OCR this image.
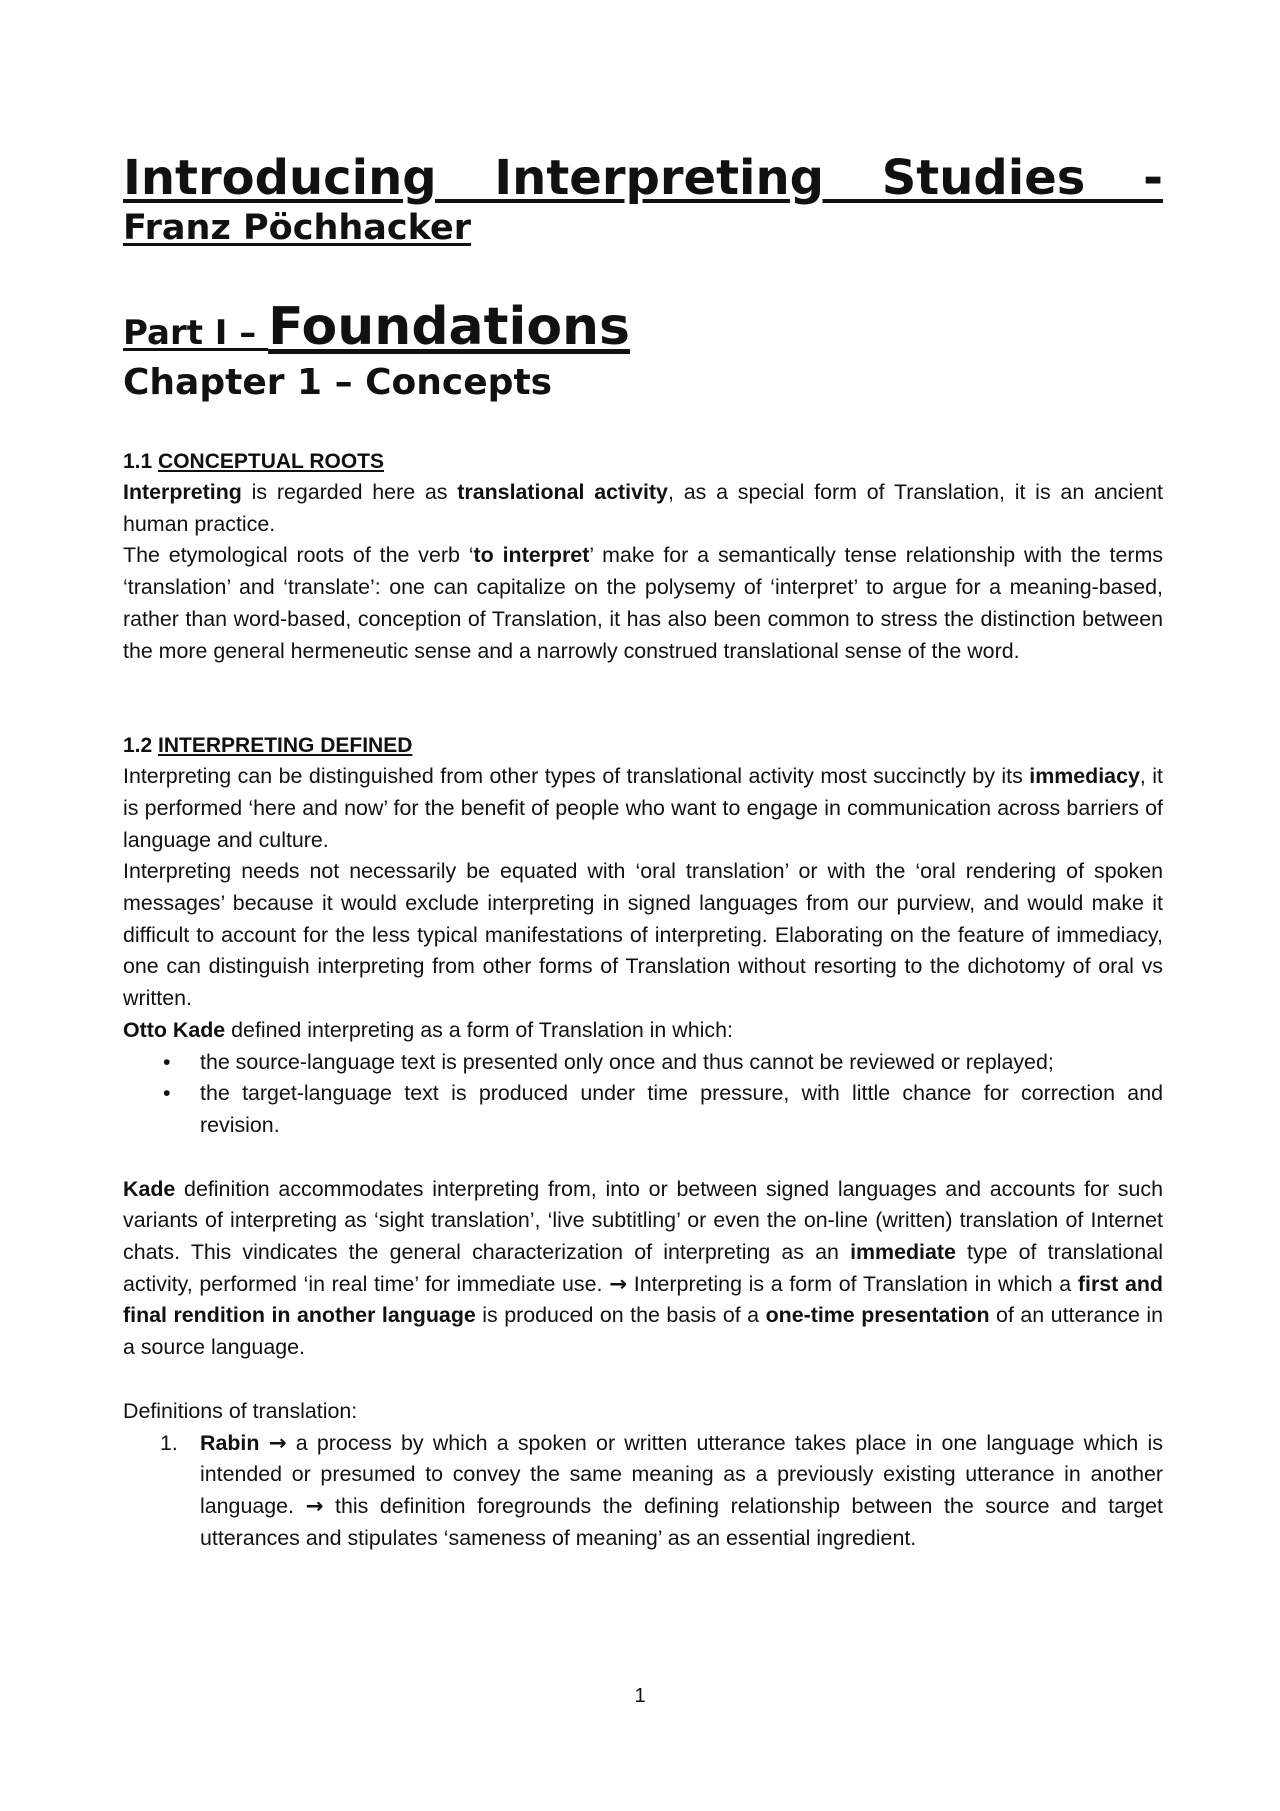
Introducing Interpreting Studies -
Franz Pöchhacker
Part I – Foundations
Chapter 1 – Concepts
1.1 CONCEPTUAL ROOTS

Interpreting is regarded here as translational activity, as a special form of Translation, it is an ancient human practice.

The etymological roots of the verb ‘to interpret’ make for a semantically tense relationship with the terms ‘translation’ and ‘translate’: one can capitalize on the polysemy of ‘interpret’ to argue for a meaning-based, rather than word-based, conception of Translation, it has also been common to stress the distinction between the more general hermeneutic sense and a narrowly construed translational sense of the word.

1.2 INTERPRETING DEFINED

Interpreting can be distinguished from other types of translational activity most succinctly by its immediacy, it is performed ‘here and now’ for the benefit of people who want to engage in communication across barriers of language and culture.

Interpreting needs not necessarily be equated with ‘oral translation’ or with the ‘oral rendering of spoken messages’ because it would exclude interpreting in signed languages from our purview, and would make it difficult to account for the less typical manifestations of interpreting. Elaborating on the feature of immediacy, one can distinguish interpreting from other forms of Translation without resorting to the dichotomy of oral vs written.

Otto Kade defined interpreting as a form of Translation in which:

• the source-language text is presented only once and thus cannot be reviewed or replayed;
• the target-language text is produced under time pressure, with little chance for correction and revision.

Kade definition accommodates interpreting from, into or between signed languages and accounts for such variants of interpreting as ‘sight translation’, ‘live subtitling’ or even the on-line (written) translation of Internet chats. This vindicates the general characterization of interpreting as an immediate type of translational activity, performed ‘in real time’ for immediate use. → Interpreting is a form of Translation in which a first and final rendition in another language is produced on the basis of a one-time presentation of an utterance in a source language.

Definitions of translation:

1. Rabin → a process by which a spoken or written utterance takes place in one language which is intended or presumed to convey the same meaning as a previously existing utterance in another language. → this definition foregrounds the defining relationship between the source and target utterances and stipulates ‘sameness of meaning’ as an essential ingredient.
1
